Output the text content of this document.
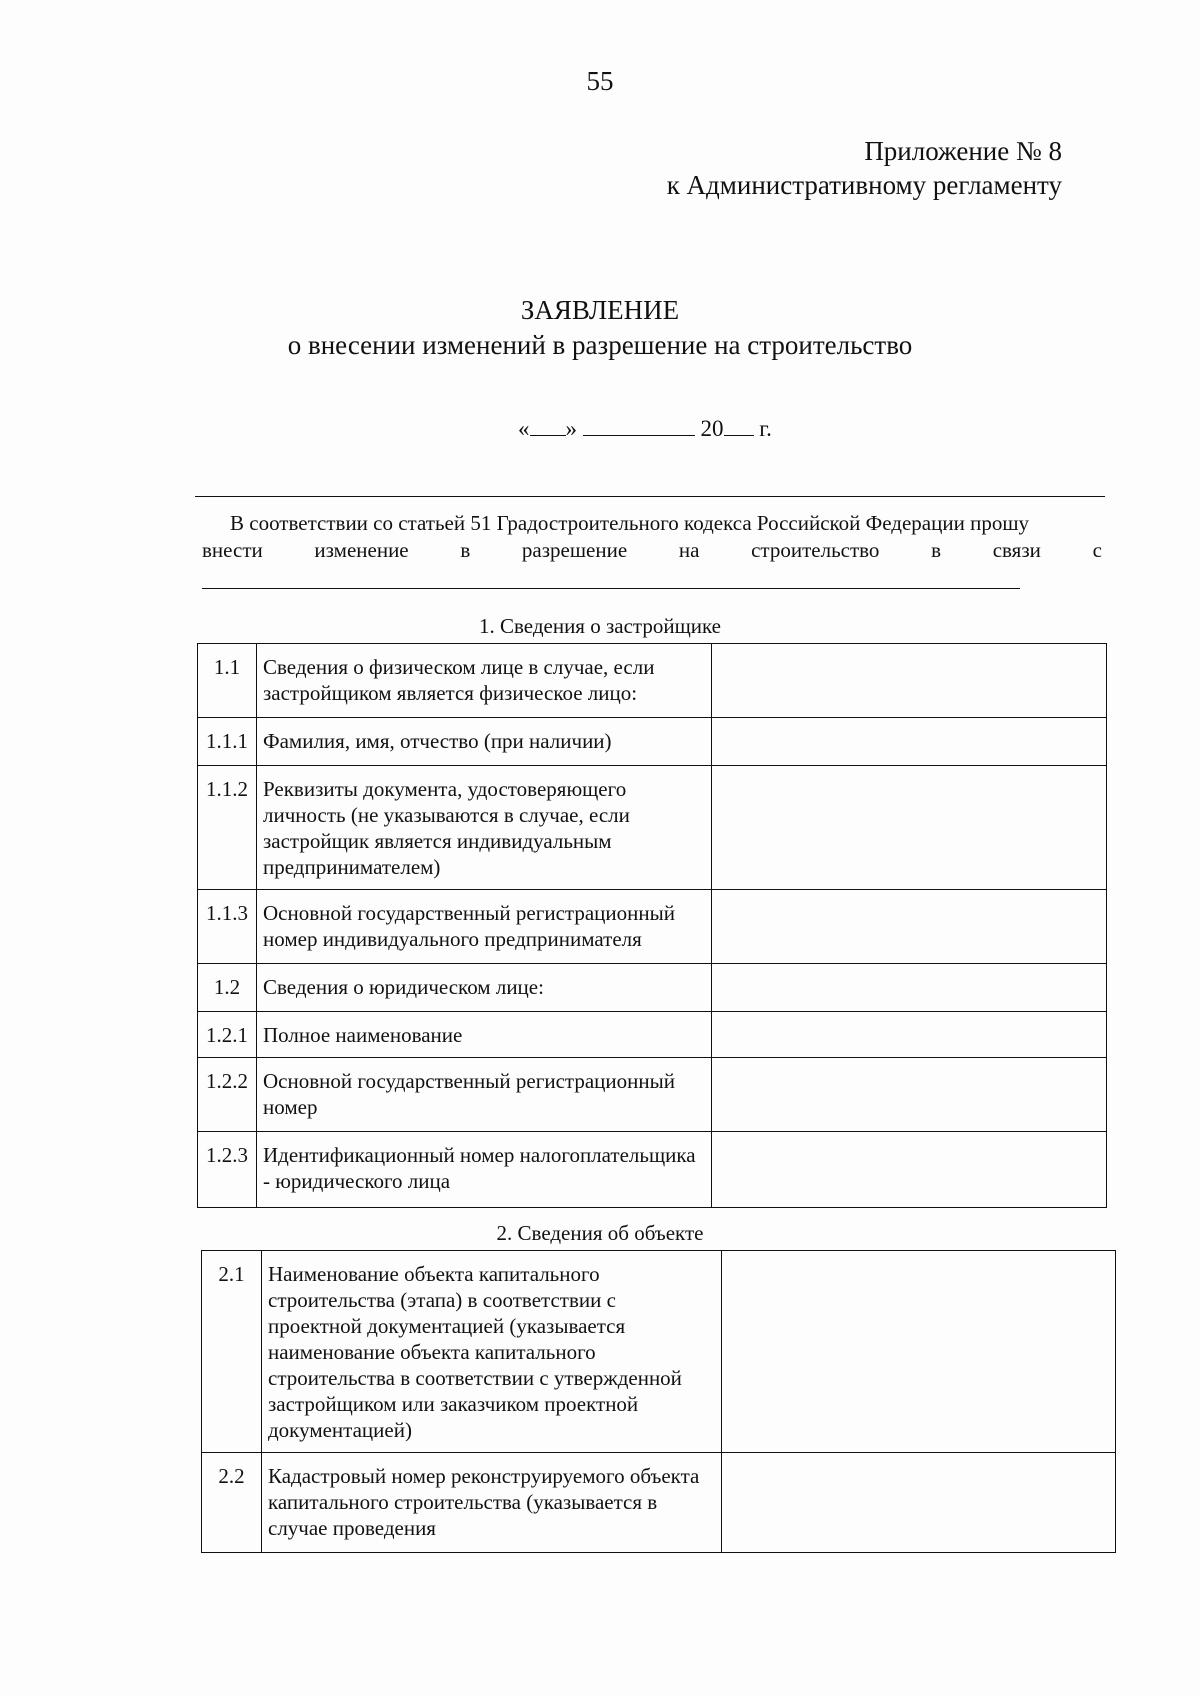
55
Приложение № 8
к Административному регламенту
ЗАЯВЛЕНИЕ
о внесении изменений в разрешение на строительство
« »	20 г.
В соответствии со статьей 51 Градостроительного кодекса Российской Федерации прошу
внести изменение в разрешение на строительство в связи с
1. Сведения о застройщике
1.1	Сведения о физическом лице в случае, если застройщиком является физическое лицо:	
1.1.1	Фамилия, имя, отчество (при наличии)	
1.1.2	Реквизиты документа, удостоверяющего личность (не указываются в случае, если застройщик является индивидуальным предпринимателем)	
1.1.3	Основной государственный регистрационный номер индивидуального предпринимателя	
1.2	Сведения о юридическом лице:	
1.2.1	Полное наименование	
1.2.2	Основной государственный регистрационный номер	
1.2.3	Идентификационный номер налогоплательщика - юридического лица	
2. Сведения об объекте
2.1	Наименование объекта капитального строительства (этапа) в соответствии с проектной документацией (указывается наименование объекта капитального строительства в соответствии с утвержденной застройщиком или заказчиком проектной документацией)	
2.2	Кадастровый номер реконструируемого объекта капитального строительства (указывается в случае проведения	
